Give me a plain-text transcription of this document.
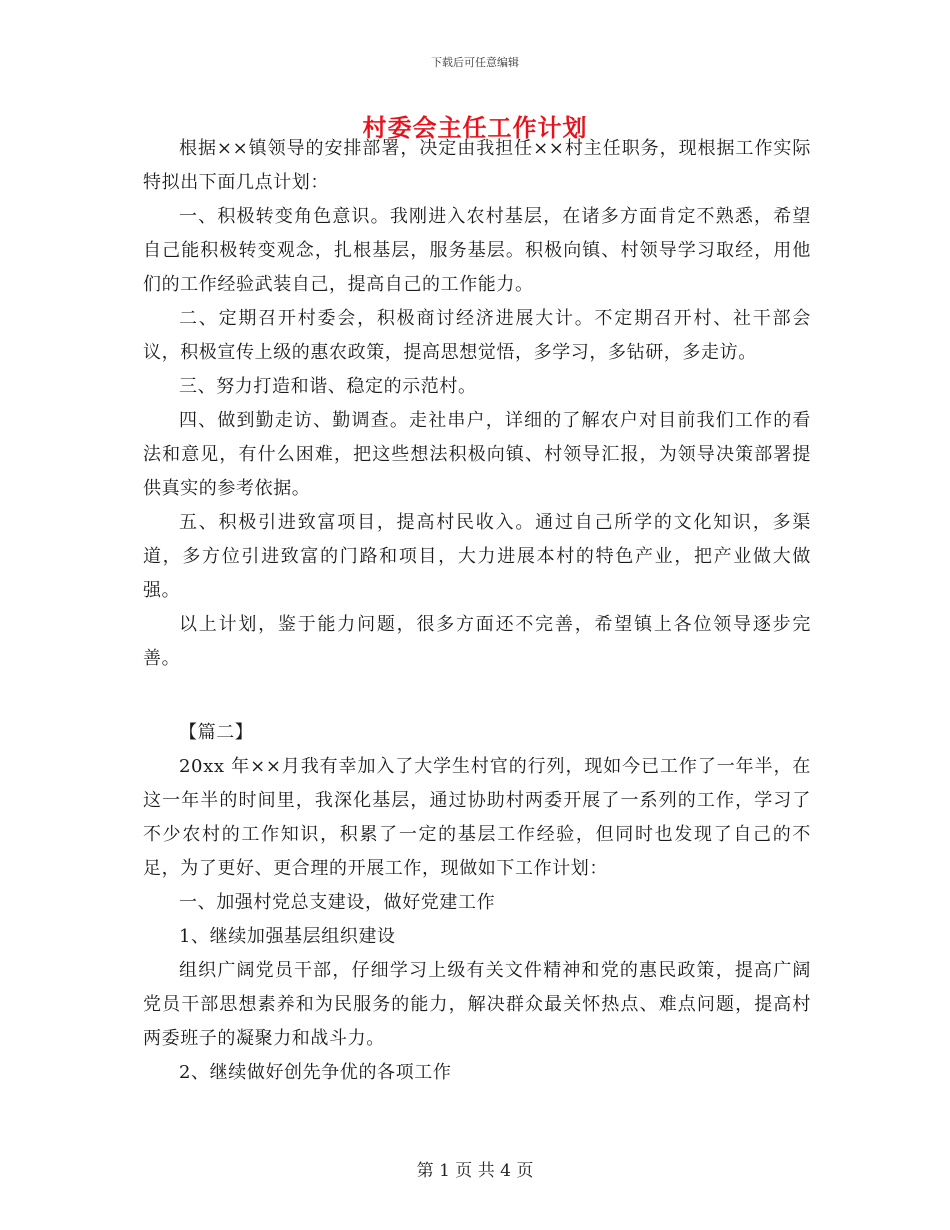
下载后可任意编辑
村委会主任工作计划

根据××镇领导的安排部署，决定由我担任××村主任职务，现根据工作实际特拟出下面几点计划：

一、积极转变角色意识。我刚进入农村基层，在诸多方面肯定不熟悉，希望自己能积极转变观念，扎根基层，服务基层。积极向镇、村领导学习取经，用他们的工作经验武装自己，提高自己的工作能力。

二、定期召开村委会，积极商讨经济进展大计。不定期召开村、社干部会议，积极宣传上级的惠农政策，提高思想觉悟，多学习，多钻研，多走访。

三、努力打造和谐、稳定的示范村。

四、做到勤走访、勤调查。走社串户，详细的了解农户对目前我们工作的看法和意见，有什么困难，把这些想法积极向镇、村领导汇报，为领导决策部署提供真实的参考依据。

五、积极引进致富项目，提高村民收入。通过自己所学的文化知识，多渠道，多方位引进致富的门路和项目，大力进展本村的特色产业，把产业做大做强。

以上计划，鉴于能力问题，很多方面还不完善，希望镇上各位领导逐步完善。

【篇二】

20xx 年××月我有幸加入了大学生村官的行列，现如今已工作了一年半，在这一年半的时间里，我深化基层，通过协助村两委开展了一系列的工作，学习了不少农村的工作知识，积累了一定的基层工作经验，但同时也发现了自己的不足，为了更好、更合理的开展工作，现做如下工作计划：

一、加强村党总支建设，做好党建工作

1、继续加强基层组织建设

组织广阔党员干部，仔细学习上级有关文件精神和党的惠民政策，提高广阔党员干部思想素养和为民服务的能力，解决群众最关怀热点、难点问题，提高村两委班子的凝聚力和战斗力。

2、继续做好创先争优的各项工作

第 1 页 共 4 页
